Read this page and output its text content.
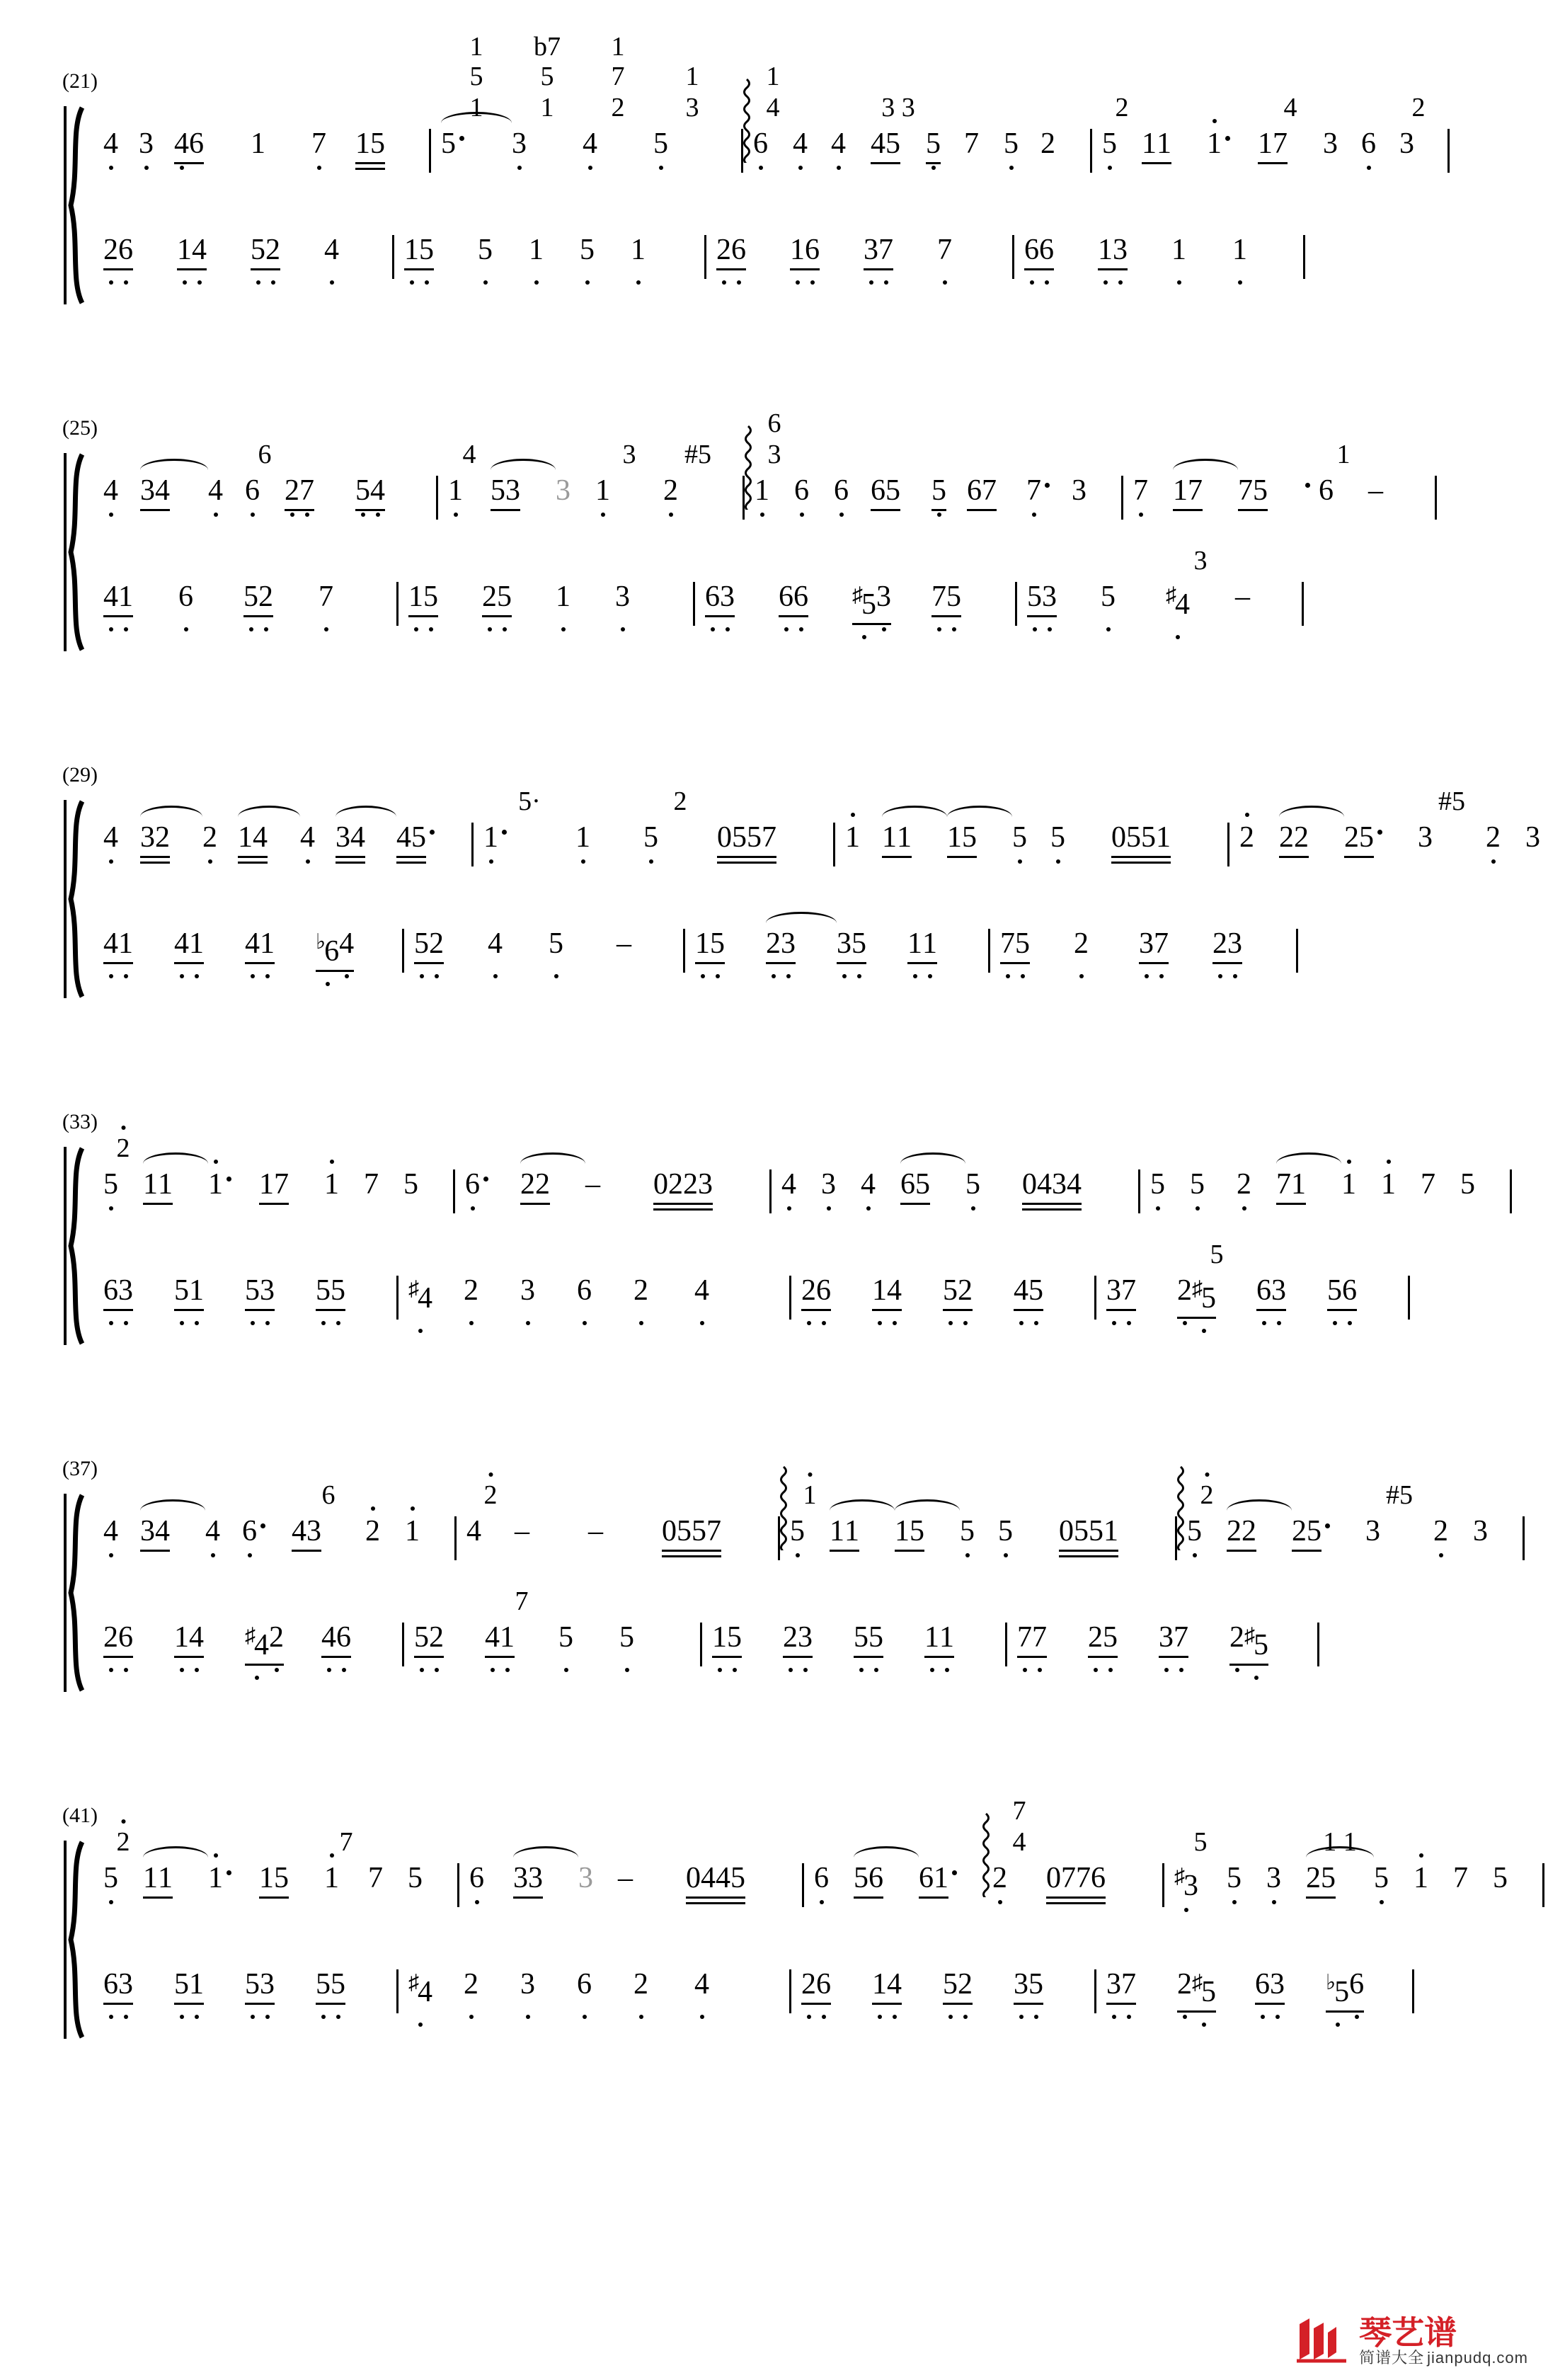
(21)
4 3 4
6 1 7 15 5
1
5
1
3
1
5
b7
4
2
7
1
5
3
1
6
4
1
4 4 45
3 3
5 7 5 2 5
2
11 1 17
4
3 6 3
2
2
6 1
4 5
2 4 1
5 5 1 5 1 2
6 1
6 3
7 7 6
6 1
3 1 1
(25)
4 34 4 6
6
2
7 5
4 1
4
53 3 1
3
2
#5
1
3
6
6 6 65 5 67 7 3 7 17 75 6
1
–
4
1 6 5
2 7	1
5 2
5 1 3	6
3 6
6 ♯5
3 7
5 5
3 5 ♯4
3
–
(29)
4 32 2 14 4 34 45 1
5·
1 5
2
0557 1 11 15 5 5 0551 2 22 25 3
#5
2 3
4
1 4
1 4
1 ♭6
4 5
2 4 5 – 1
5 2
3 3
5 1
1 7
5 2 3
7 2
3
(33)
5
2
11 1 17 1 7 5 6 22 – 0223 4 3 4 65 5 0434 5 5 2 71 1 1 7 5
6
3 5
1 5
3 5
5	♯4 2 3 6 2 4	2
6 1
4 5
2 4
5 3
7 2
♯5
5
6
3 5
6
(37)
4 34 4 6 43
6
2 1 4
2
– – 0557 5
1
11 15 5 5 0551 5
2
22 25 3
#5
2 3
2
6 1
4 ♯4
2 4
6 5
2 4
1
7
5 5	1
5 2
3 5
5 1
1 7
7 2
5 3
7 2
♯5
(41)
5
2
11 1 15 1
7
7 5 6 33 3 – 0445 6 56 61 2
4
7
0776	♯3
5
5 3 25
1 1
5 1 7 5
6
3 5
1 5
3 5
5	♯4 2 3 6 2 4	2
6 1
4 5
2 3
5 3
7 2
♯5 6
3 ♭5
6
琴艺谱
简谱大全 jianpudq.com
